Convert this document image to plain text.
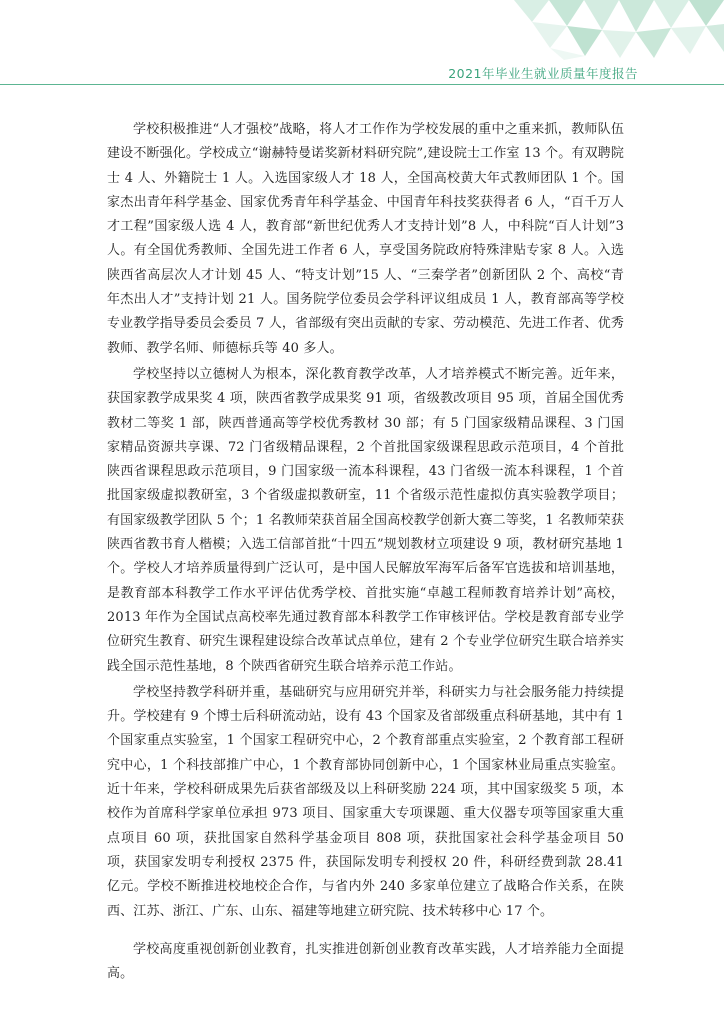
2021年毕业生就业质量年度报告

学校积极推进“人才强校”战略，将人才工作作为学校发展的重中之重来抓，教师队伍建设不断强化。学校成立“谢赫特曼诺奖新材料研究院”,建设院士工作室 13 个。有双聘院士 4 人、外籍院士 1 人。入选国家级人才 18 人，全国高校黄大年式教师团队 1 个。国家杰出青年科学基金、国家优秀青年科学基金、中国青年科技奖获得者 6 人，“百千万人才工程”国家级人选 4 人，教育部“新世纪优秀人才支持计划”8 人，中科院“百人计划”3 人。有全国优秀教师、全国先进工作者 6 人，享受国务院政府特殊津贴专家 8 人。入选陕西省高层次人才计划 45 人、“特支计划”15 人、“三秦学者”创新团队 2 个、高校“青年杰出人才”支持计划 21 人。国务院学位委员会学科评议组成员 1 人，教育部高等学校专业教学指导委员会委员 7 人，省部级有突出贡献的专家、劳动模范、先进工作者、优秀教师、教学名师、师德标兵等 40 多人。

学校坚持以立德树人为根本，深化教育教学改革，人才培养模式不断完善。近年来，获国家教学成果奖 4 项，陕西省教学成果奖 91 项，省级教改项目 95 项，首届全国优秀教材二等奖 1 部，陕西普通高等学校优秀教材 30 部；有 5 门国家级精品课程、3 门国家精品资源共享课、72 门省级精品课程，2 个首批国家级课程思政示范项目，4 个首批陕西省课程思政示范项目，9 门国家级一流本科课程，43 门省级一流本科课程，1 个首批国家级虚拟教研室，3 个省级虚拟教研室，11 个省级示范性虚拟仿真实验教学项目；有国家级教学团队 5 个；1 名教师荣获首届全国高校教学创新大赛二等奖，1 名教师荣获陕西省教书育人楷模；入选工信部首批“十四五”规划教材立项建设 9 项，教材研究基地 1 个。学校人才培养质量得到广泛认可，是中国人民解放军海军后备军官选拔和培训基地，是教育部本科教学工作水平评估优秀学校、首批实施“卓越工程师教育培养计划”高校，2013 年作为全国试点高校率先通过教育部本科教学工作审核评估。学校是教育部专业学位研究生教育、研究生课程建设综合改革试点单位，建有 2 个专业学位研究生联合培养实践全国示范性基地，8 个陕西省研究生联合培养示范工作站。

学校坚持教学科研并重，基础研究与应用研究并举，科研实力与社会服务能力持续提升。学校建有 9 个博士后科研流动站，设有 43 个国家及省部级重点科研基地，其中有 1 个国家重点实验室，1 个国家工程研究中心，2 个教育部重点实验室，2 个教育部工程研究中心，1 个科技部推广中心，1 个教育部协同创新中心，1 个国家林业局重点实验室。近十年来，学校科研成果先后获省部级及以上科研奖励 224 项，其中国家级奖 5 项，本校作为首席科学家单位承担 973 项目、国家重大专项课题、重大仪器专项等国家重大重点项目 60 项，获批国家自然科学基金项目 808 项，获批国家社会科学基金项目 50 项，获国家发明专利授权 2375 件，获国际发明专利授权 20 件，科研经费到款 28.41 亿元。学校不断推进校地校企合作，与省内外 240 多家单位建立了战略合作关系，在陕西、江苏、浙江、广东、山东、福建等地建立研究院、技术转移中心 17 个。

学校高度重视创新创业教育，扎实推进创新创业教育改革实践，人才培养能力全面提高。
